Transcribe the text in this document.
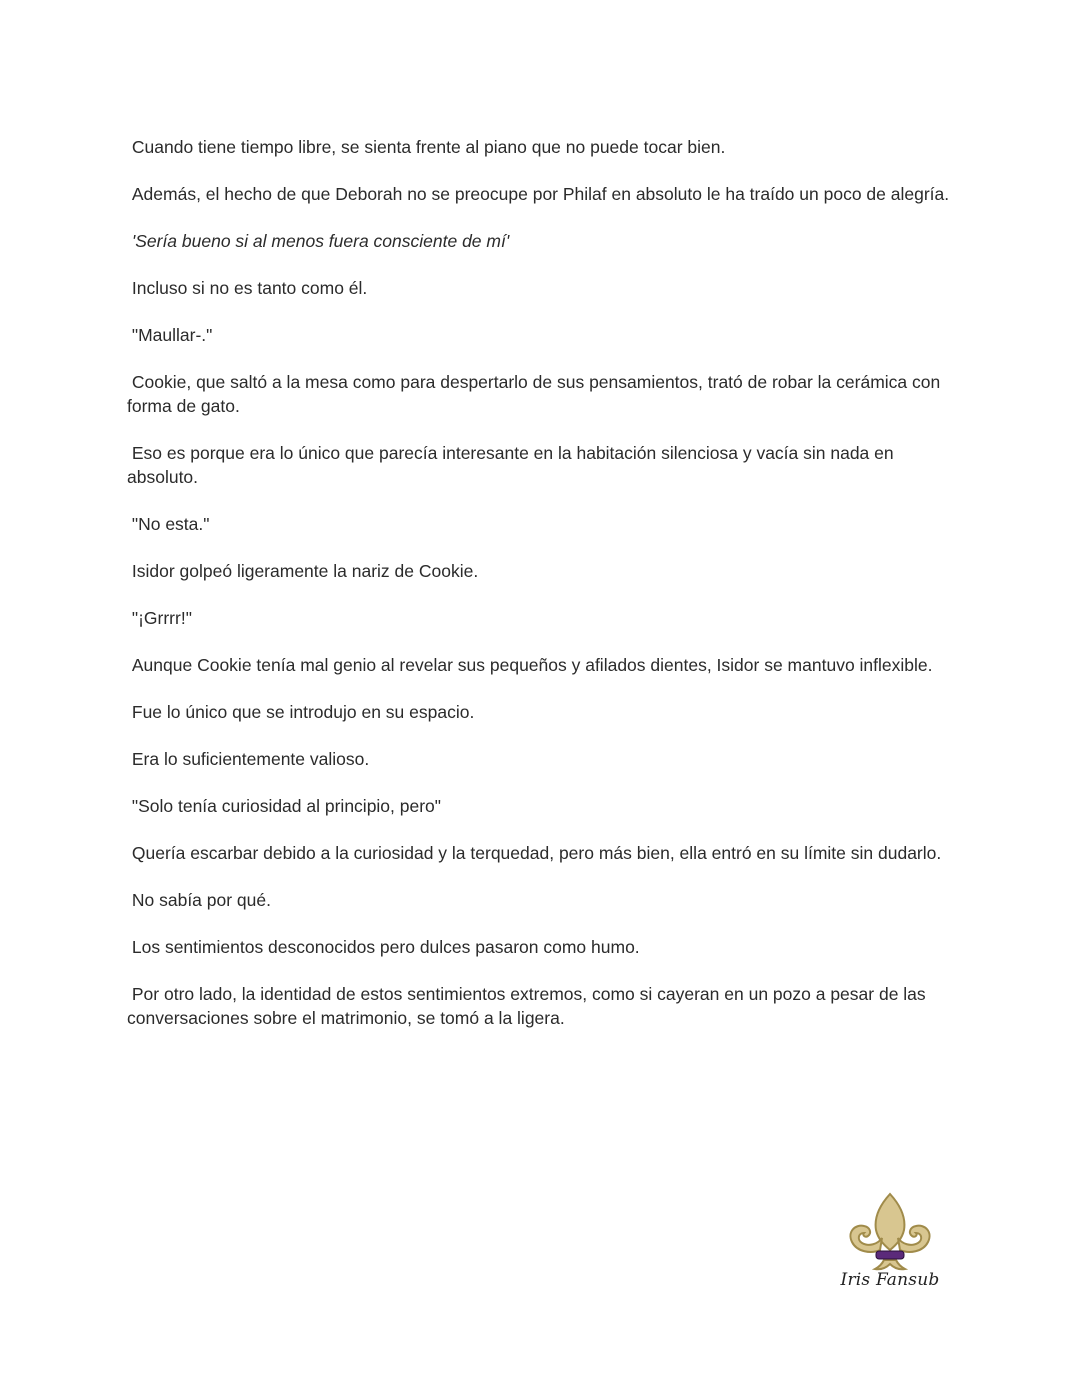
Cuando tiene tiempo libre, se sienta frente al piano que no puede tocar bien.

Además, el hecho de que Deborah no se preocupe por Philaf en absoluto le ha traído un poco de alegría.

'Sería bueno si al menos fuera consciente de mí'

Incluso si no es tanto como él.

"Maullar-."

Cookie, que saltó a la mesa como para despertarlo de sus pensamientos, trató de robar la cerámica con forma de gato.

Eso es porque era lo único que parecía interesante en la habitación silenciosa y vacía sin nada en absoluto.

"No esta."

Isidor golpeó ligeramente la nariz de Cookie.

"¡Grrrr!"

Aunque Cookie tenía mal genio al revelar sus pequeños y afilados dientes, Isidor se mantuvo inflexible.

Fue lo único que se introdujo en su espacio.

Era lo suficientemente valioso.

"Solo tenía curiosidad al principio, pero"

Quería escarbar debido a la curiosidad y la terquedad, pero más bien, ella entró en su límite sin dudarlo.

No sabía por qué.

Los sentimientos desconocidos pero dulces pasaron como humo.

Por otro lado, la identidad de estos sentimientos extremos, como si cayeran en un pozo a pesar de las conversaciones sobre el matrimonio, se tomó a la ligera.

Iris Fansub
